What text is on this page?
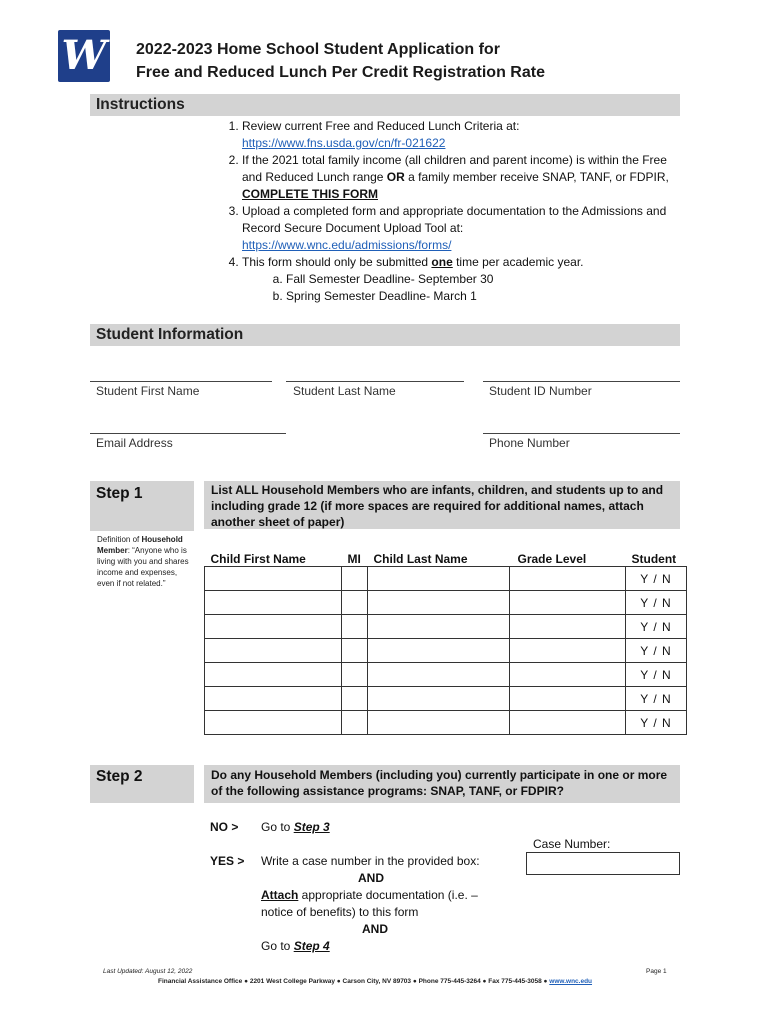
W 2022-2023 Home School Student Application for
Free and Reduced Lunch Per Credit Registration Rate
Instructions
1. Review current Free and Reduced Lunch Criteria at:
https://www.fns.usda.gov/cn/fr-021622
2. If the 2021 total family income (all children and parent income) is within the Free and Reduced Lunch range OR a family member receive SNAP, TANF, or FDPIR, COMPLETE THIS FORM
3. Upload a completed form and appropriate documentation to the Admissions and Record Secure Document Upload Tool at:
https://www.wnc.edu/admissions/forms/
4. This form should only be submitted one time per academic year.
a. Fall Semester Deadline- September 30
b. Spring Semester Deadline- March 1
Student Information
Student First Name	Student Last Name	Student ID Number
Email Address	Phone Number
Step 1	List ALL Household Members who are infants, children, and students up to and including grade 12 (if more spaces are required for additional names, attach another sheet of paper)
Definition of Household Member: “Anyone who is living with you and shares income and expenses, even if not related.”
Child First Name	MI	Child Last Name	Grade Level	Student
				Y / N
				Y / N
				Y / N
				Y / N
				Y / N
				Y / N
				Y / N
Step 2	Do any Household Members (including you) currently participate in one or more of the following assistance programs: SNAP, TANF, or FDPIR?
NO > Go to Step 3
Case Number:
YES > Write a case number in the provided box:
AND
Attach appropriate documentation (i.e. – notice of benefits) to this form
AND
Go to Step 4
Last Updated: August 12, 2022	Page 1
Financial Assistance Office ● 2201 West College Parkway ● Carson City, NV 89703 ● Phone 775-445-3264 ● Fax 775-445-3058 ● www.wnc.edu
